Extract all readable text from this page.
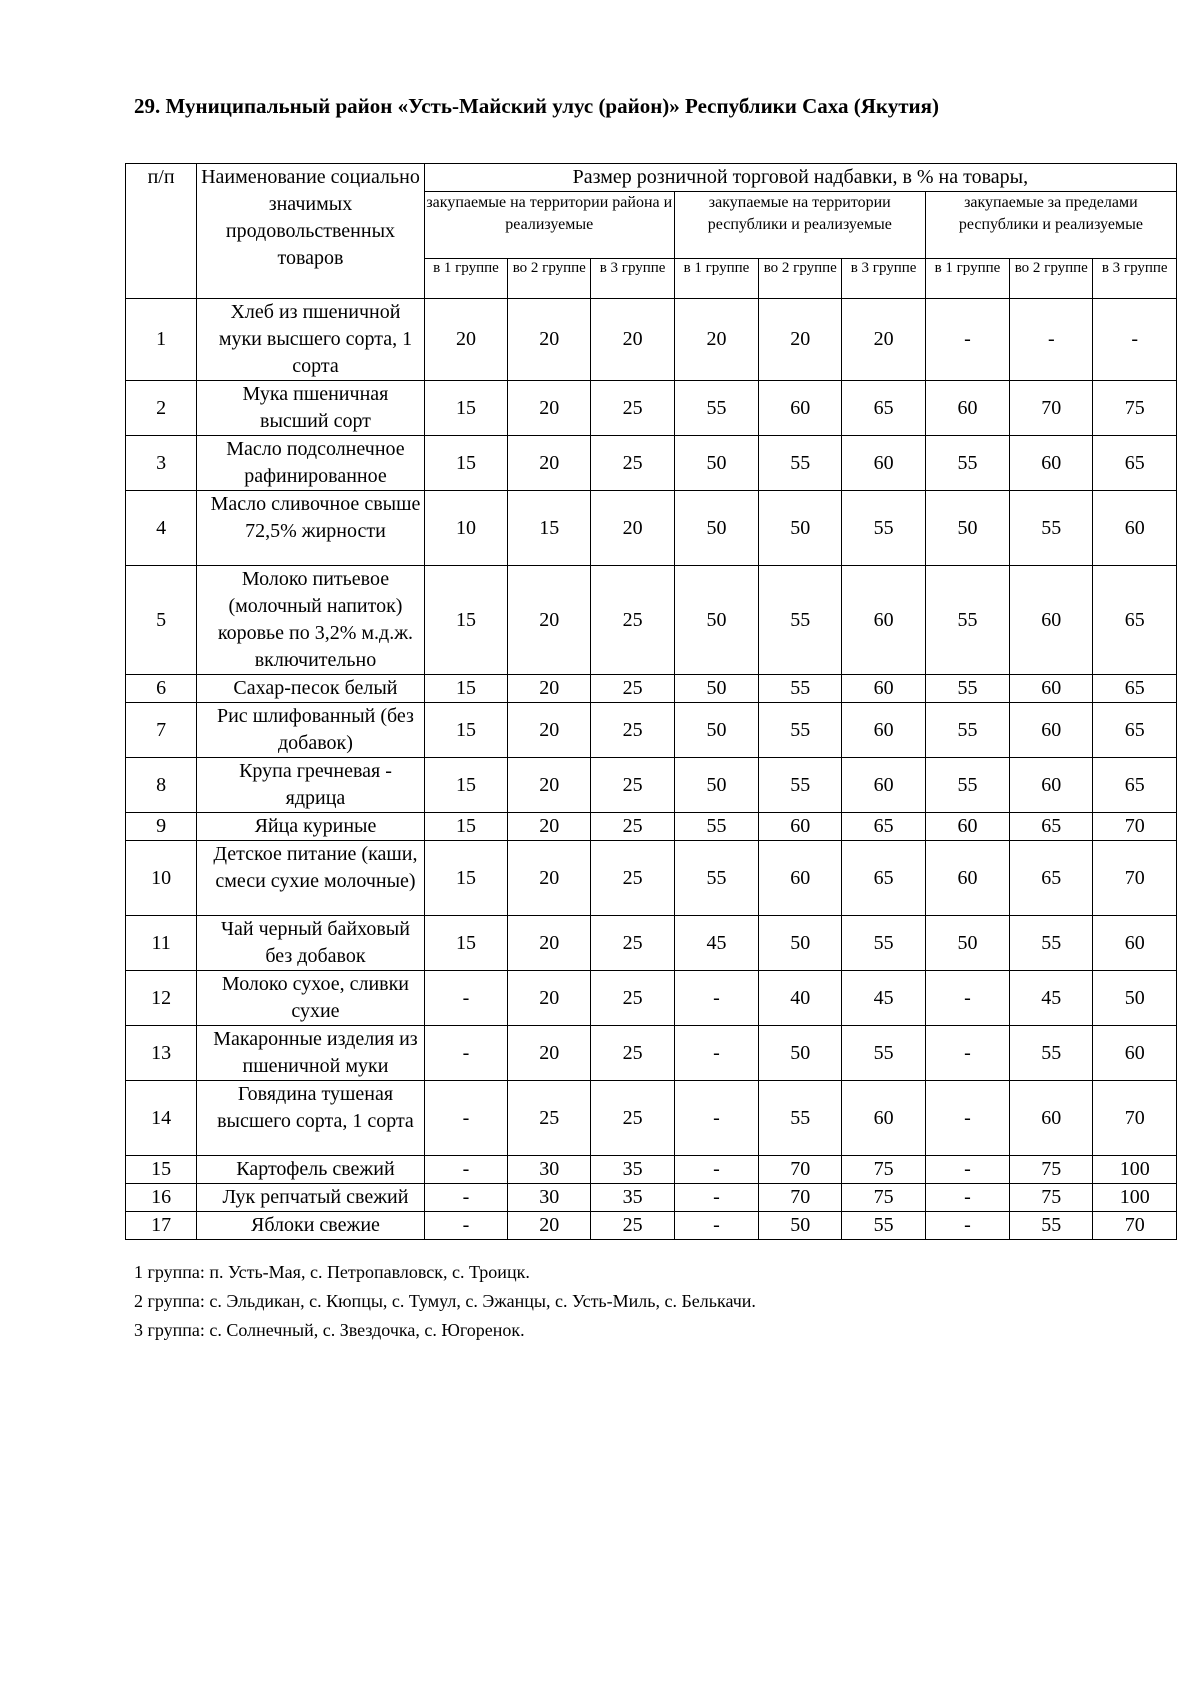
29. Муниципальный район «Усть-Майский улус (район)» Республики Саха (Якутия)
п/п	Наименование социально значимых продовольственных товаров	Размер розничной торговой надбавки, в % на товары,								
		закупаемые на территории района и реализуемые			закупаемые на территории республики и реализуемые			закупаемые за пределами республики и реализуемые		
		в 1 группе	во 2 группе	в 3 группе	в 1 группе	во 2 группе	в 3 группе	в 1 группе	во 2 группе	в 3 группе
1	Хлеб из пшеничной муки высшего сорта, 1 сорта	20	20	20	20	20	20	-	-	-
2	Мука пшеничная высший сорт	15	20	25	55	60	65	60	70	75
3	Масло подсолнечное рафинированное	15	20	25	50	55	60	55	60	65
4	Масло сливочное свыше 72,5% жирности	10	15	20	50	50	55	50	55	60
5	Молоко питьевое (молочный напиток) коровье по 3,2% м.д.ж. включительно	15	20	25	50	55	60	55	60	65
6	Сахар-песок белый	15	20	25	50	55	60	55	60	65
7	Рис шлифованный (без добавок)	15	20	25	50	55	60	55	60	65
8	Крупа гречневая - ядрица	15	20	25	50	55	60	55	60	65
9	Яйца куриные	15	20	25	55	60	65	60	65	70
10	Детское питание (каши, смеси сухие молочные)	15	20	25	55	60	65	60	65	70
11	Чай черный байховый без добавок	15	20	25	45	50	55	50	55	60
12	Молоко сухое, сливки сухие	-	20	25	-	40	45	-	45	50
13	Макаронные изделия из пшеничной муки	-	20	25	-	50	55	-	55	60
14	Говядина тушеная высшего сорта, 1 сорта	-	25	25	-	55	60	-	60	70
15	Картофель свежий	-	30	35	-	70	75	-	75	100
16	Лук репчатый свежий	-	30	35	-	70	75	-	75	100
17	Яблоки свежие	-	20	25	-	50	55	-	55	70
1 группа: п. Усть-Мая, с. Петропавловск, с. Троицк.
2 группа: с. Эльдикан, с. Кюпцы, с. Тумул, с. Эжанцы, с. Усть-Миль, с. Белькачи.
3 группа: с. Солнечный, с. Звездочка, с. Югоренок.
